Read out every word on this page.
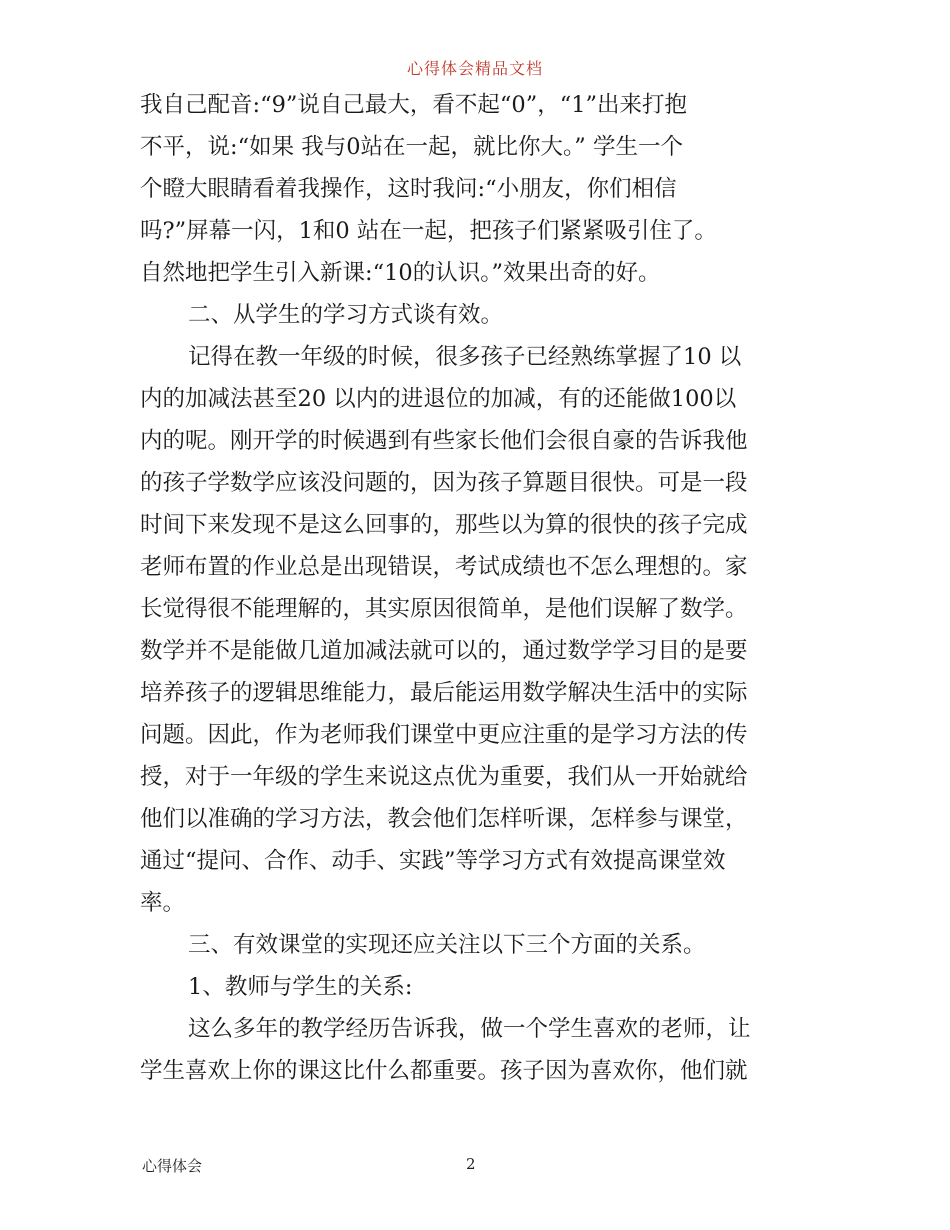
心得体会精品文档
我自己配音:“9”说自己最大，看不起“0”，“1”出来打抱
不平，说:“如果 我与0站在一起，就比你大。” 学生一个
个瞪大眼睛看着我操作，这时我问:“小朋友，你们相信
吗?”屏幕一闪，1和0 站在一起，把孩子们紧紧吸引住了。
自然地把学生引入新课:“10的认识。”效果出奇的好。
二、从学生的学习方式谈有效。
记得在教一年级的时候，很多孩子已经熟练掌握了10 以
内的加减法甚至20 以内的进退位的加减，有的还能做100以
内的呢。刚开学的时候遇到有些家长他们会很自豪的告诉我他
的孩子学数学应该没问题的，因为孩子算题目很快。可是一段
时间下来发现不是这么回事的，那些以为算的很快的孩子完成
老师布置的作业总是出现错误，考试成绩也不怎么理想的。家
长觉得很不能理解的，其实原因很简单，是他们误解了数学。
数学并不是能做几道加减法就可以的，通过数学学习目的是要
培养孩子的逻辑思维能力，最后能运用数学解决生活中的实际
问题。因此，作为老师我们课堂中更应注重的是学习方法的传
授，对于一年级的学生来说这点优为重要，我们从一开始就给
他们以准确的学习方法，教会他们怎样听课，怎样参与课堂，
通过“提问、合作、动手、实践”等学习方式有效提高课堂效
率。
三、有效课堂的实现还应关注以下三个方面的关系。
1、教师与学生的关系:
这么多年的教学经历告诉我，做一个学生喜欢的老师，让
学生喜欢上你的课这比什么都重要。孩子因为喜欢你，他们就
心得体会	2
